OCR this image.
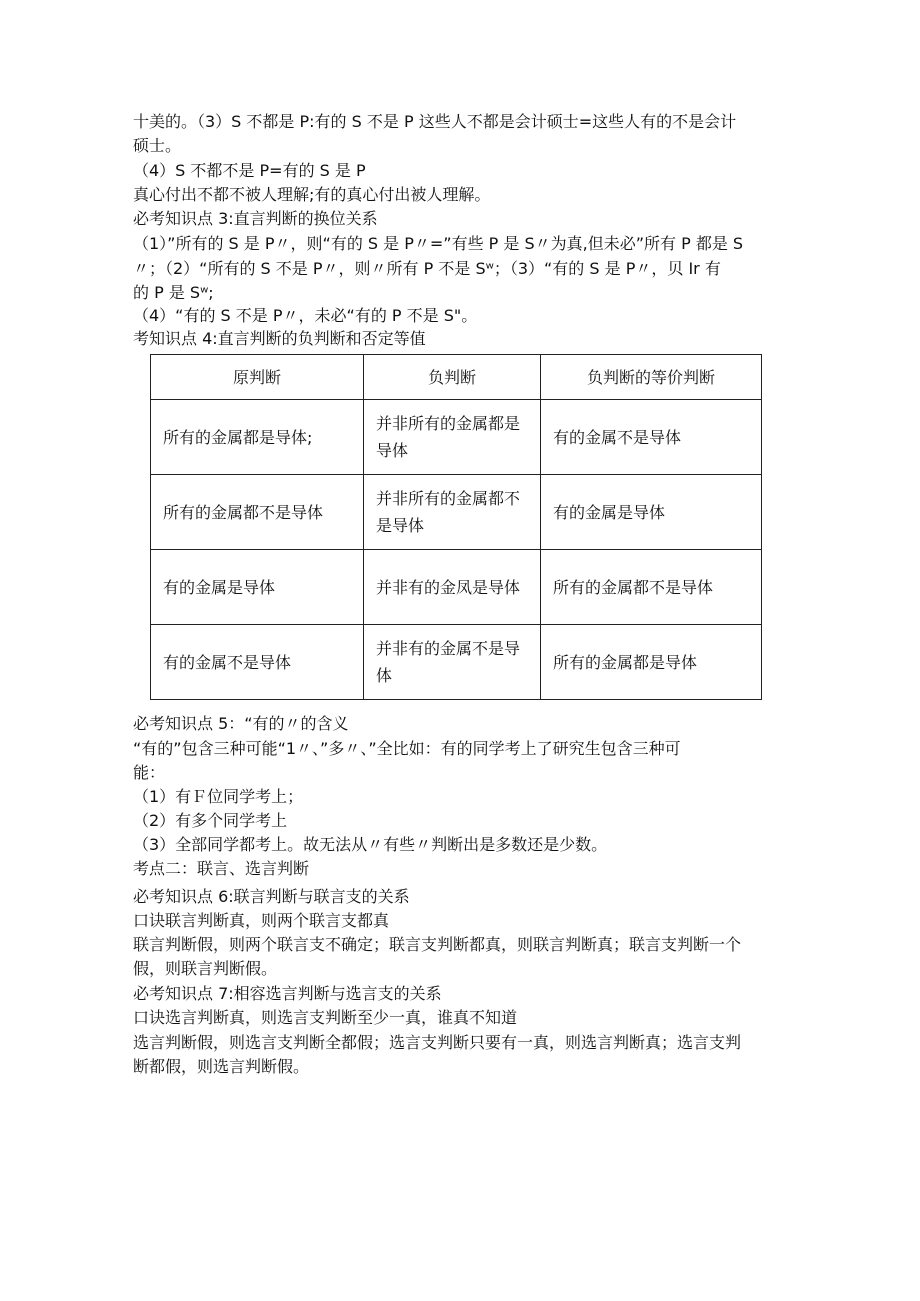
十美的。（3）S 不都是 P:有的 S 不是 P 这些人不都是会计硕士=这些人有的不是会计

硕士。

（4）S 不都不是 P=有的 S 是 P

真心付出不都不被人理解;有的真心付出被人理解。

必考知识点 3:直言判断的换位关系

（1）”所有的 S 是 P〃，则“有的 S 是 P〃=”有些 P 是 S〃为真,但未必”所有 P 都是 S

〃；（2）“所有的 S 不是 P〃，则〃所有 P 不是 Sʷ；（3）“有的 S 是 P〃，贝 Ir 有

的 P 是 Sʷ;

（4）“有的 S 不是 P〃，未必“有的 P 不是 S"。

考知识点 4:直言判断的负判断和否定等值

原判断	负判断	负判断的等价判断
所有的金属都是导体;	并非所有的金属都是导体	有的金属不是导体
所有的金属都不是导体	并非所有的金属都不是导体	有的金属是导体
有的金属是导体	并非有的金凤是导体	所有的金属都不是导体
有的金属不是导体	并非有的金属不是导体	所有的金属都是导体

必考知识点 5：“有的〃的含义

“有的”包含三种可能“1〃、”多〃、”全比如：有的同学考上了研究生包含三种可

能：

（1）有Ｆ位同学考上；

（2）有多个同学考上

（3）全部同学都考上。故无法从〃有些〃判断出是多数还是少数。

考点二：联言、选言判断

必考知识点 6:联言判断与联言支的关系

口诀联言判断真，则两个联言支都真

联言判断假，则两个联言支不确定；联言支判断都真，则联言判断真；联言支判断一个

假，则联言判断假。

必考知识点 7:相容选言判断与选言支的关系

口诀选言判断真，则选言支判断至少一真，谁真不知道

选言判断假，则选言支判断全都假；选言支判断只要有一真，则选言判断真；选言支判

断都假，则选言判断假。
